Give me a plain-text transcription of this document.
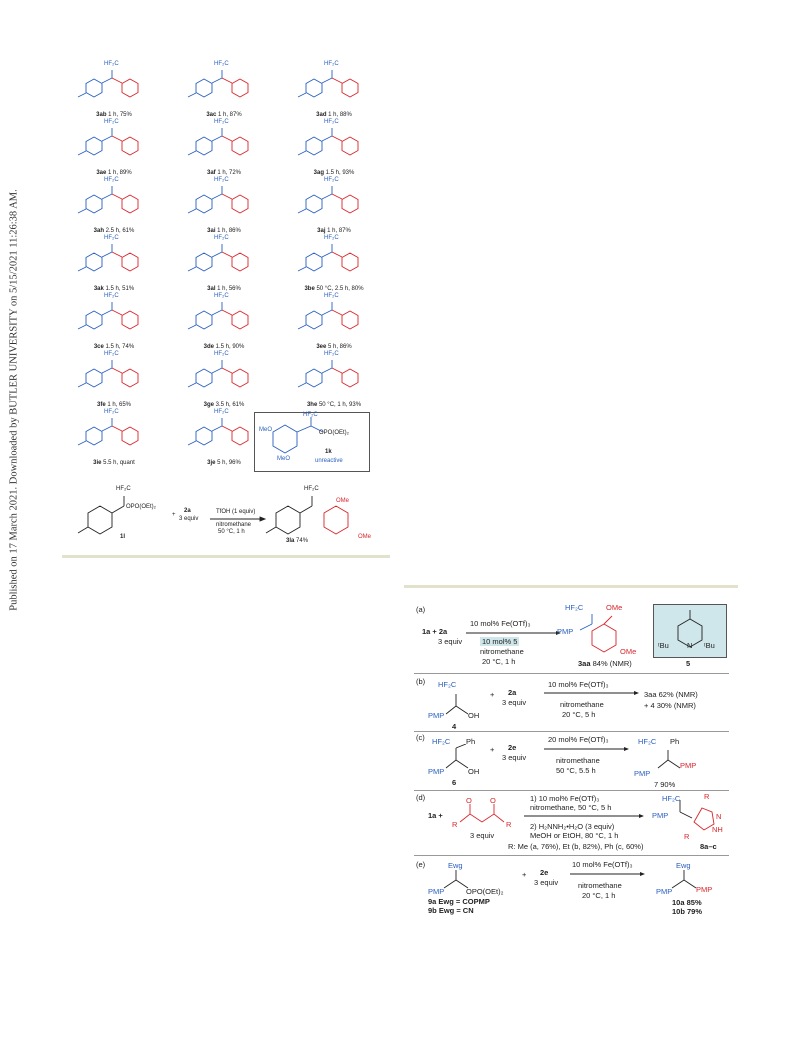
Published on 17 March 2021. Downloaded by BUTLER UNIVERSITY on 5/15/2021 11:26:38 AM.
HF₂C
3ab 1 h, 75%
HF₂C
3ac 1 h, 87%
HF₂C
3ad 1 h, 88%
HF₂C
3ae 1 h, 89%
HF₂C
3af 1 h, 72%
HF₂C
3ag 1.5 h, 93%
HF₂C
3ah 2.5 h, 61%
HF₂C
3ai 1 h, 86%
HF₂C
3aj 1 h, 87%
HF₂C
3ak 1.5 h, 51%
HF₂C
3al 1 h, 56%
HF₂C
3be 50 °C, 2.5 h, 80%
HF₂C
3ce 1.5 h, 74%
HF₂C
3de 1.5 h, 90%
HF₂C
3ee 5 h, 86%
HF₂C
3fe 1 h, 65%
HF₂C
3ge 3.5 h, 61%
HF₂C
3he 50 °C, 1 h, 93%
HF₂C
3ie 5.5 h, quant
HF₂C
3je 5 h, 96%
HF₂C
OPO(OEt)₂
MeO
MeO
1k
unreactive
HF₂C
OPO(OEt)₂
1l
+
2a
3 equiv
TfOH (1 equiv)
nitromethane
50 °C, 1 h
HF₂C
OMe
OMe
3la 74%
(a)
1a + 2a
3 equiv
10 mol% Fe(OTf)₃
10 mol% 5
nitromethane
20 °C, 1 h
HF₂C	OMe
PMP
OMe
3aa 84% (NMR)
ᵗBu N ᵗBu
5
(b) HF₂C
PMP	OH
4
+ 2a
3 equiv
10 mol% Fe(OTf)₃
nitromethane
20 °C, 5 h
3aa 62% (NMR)
+ 4 30% (NMR)
(c) HF₂C Ph
PMP	OH
6
+ 2e
3 equiv
20 mol% Fe(OTf)₃
nitromethane
50 °C, 5.5 h
HF₂C Ph
PMP
PMP
7 90%
(d)
1a +
O O
R	R
3 equiv
1) 10 mol% Fe(OTf)₃
nitromethane, 50 °C, 5 h
2) H₂NNH₂•H₂O (3 equiv)
MeOH or EtOH, 80 °C, 1 h
R: Me (a, 76%), Et (b, 82%), Ph (c, 60%)
HF₂C
PMP
R
N
NH
R
8a–c
(e)	Ewg
PMP	OPO(OEt)₂
9a Ewg = COPMP
9b Ewg = CN
+ 2e
3 equiv
10 mol% Fe(OTf)₃
nitromethane
20 °C, 1 h
Ewg
PMP	PMP
10a 85%
10b 79%
